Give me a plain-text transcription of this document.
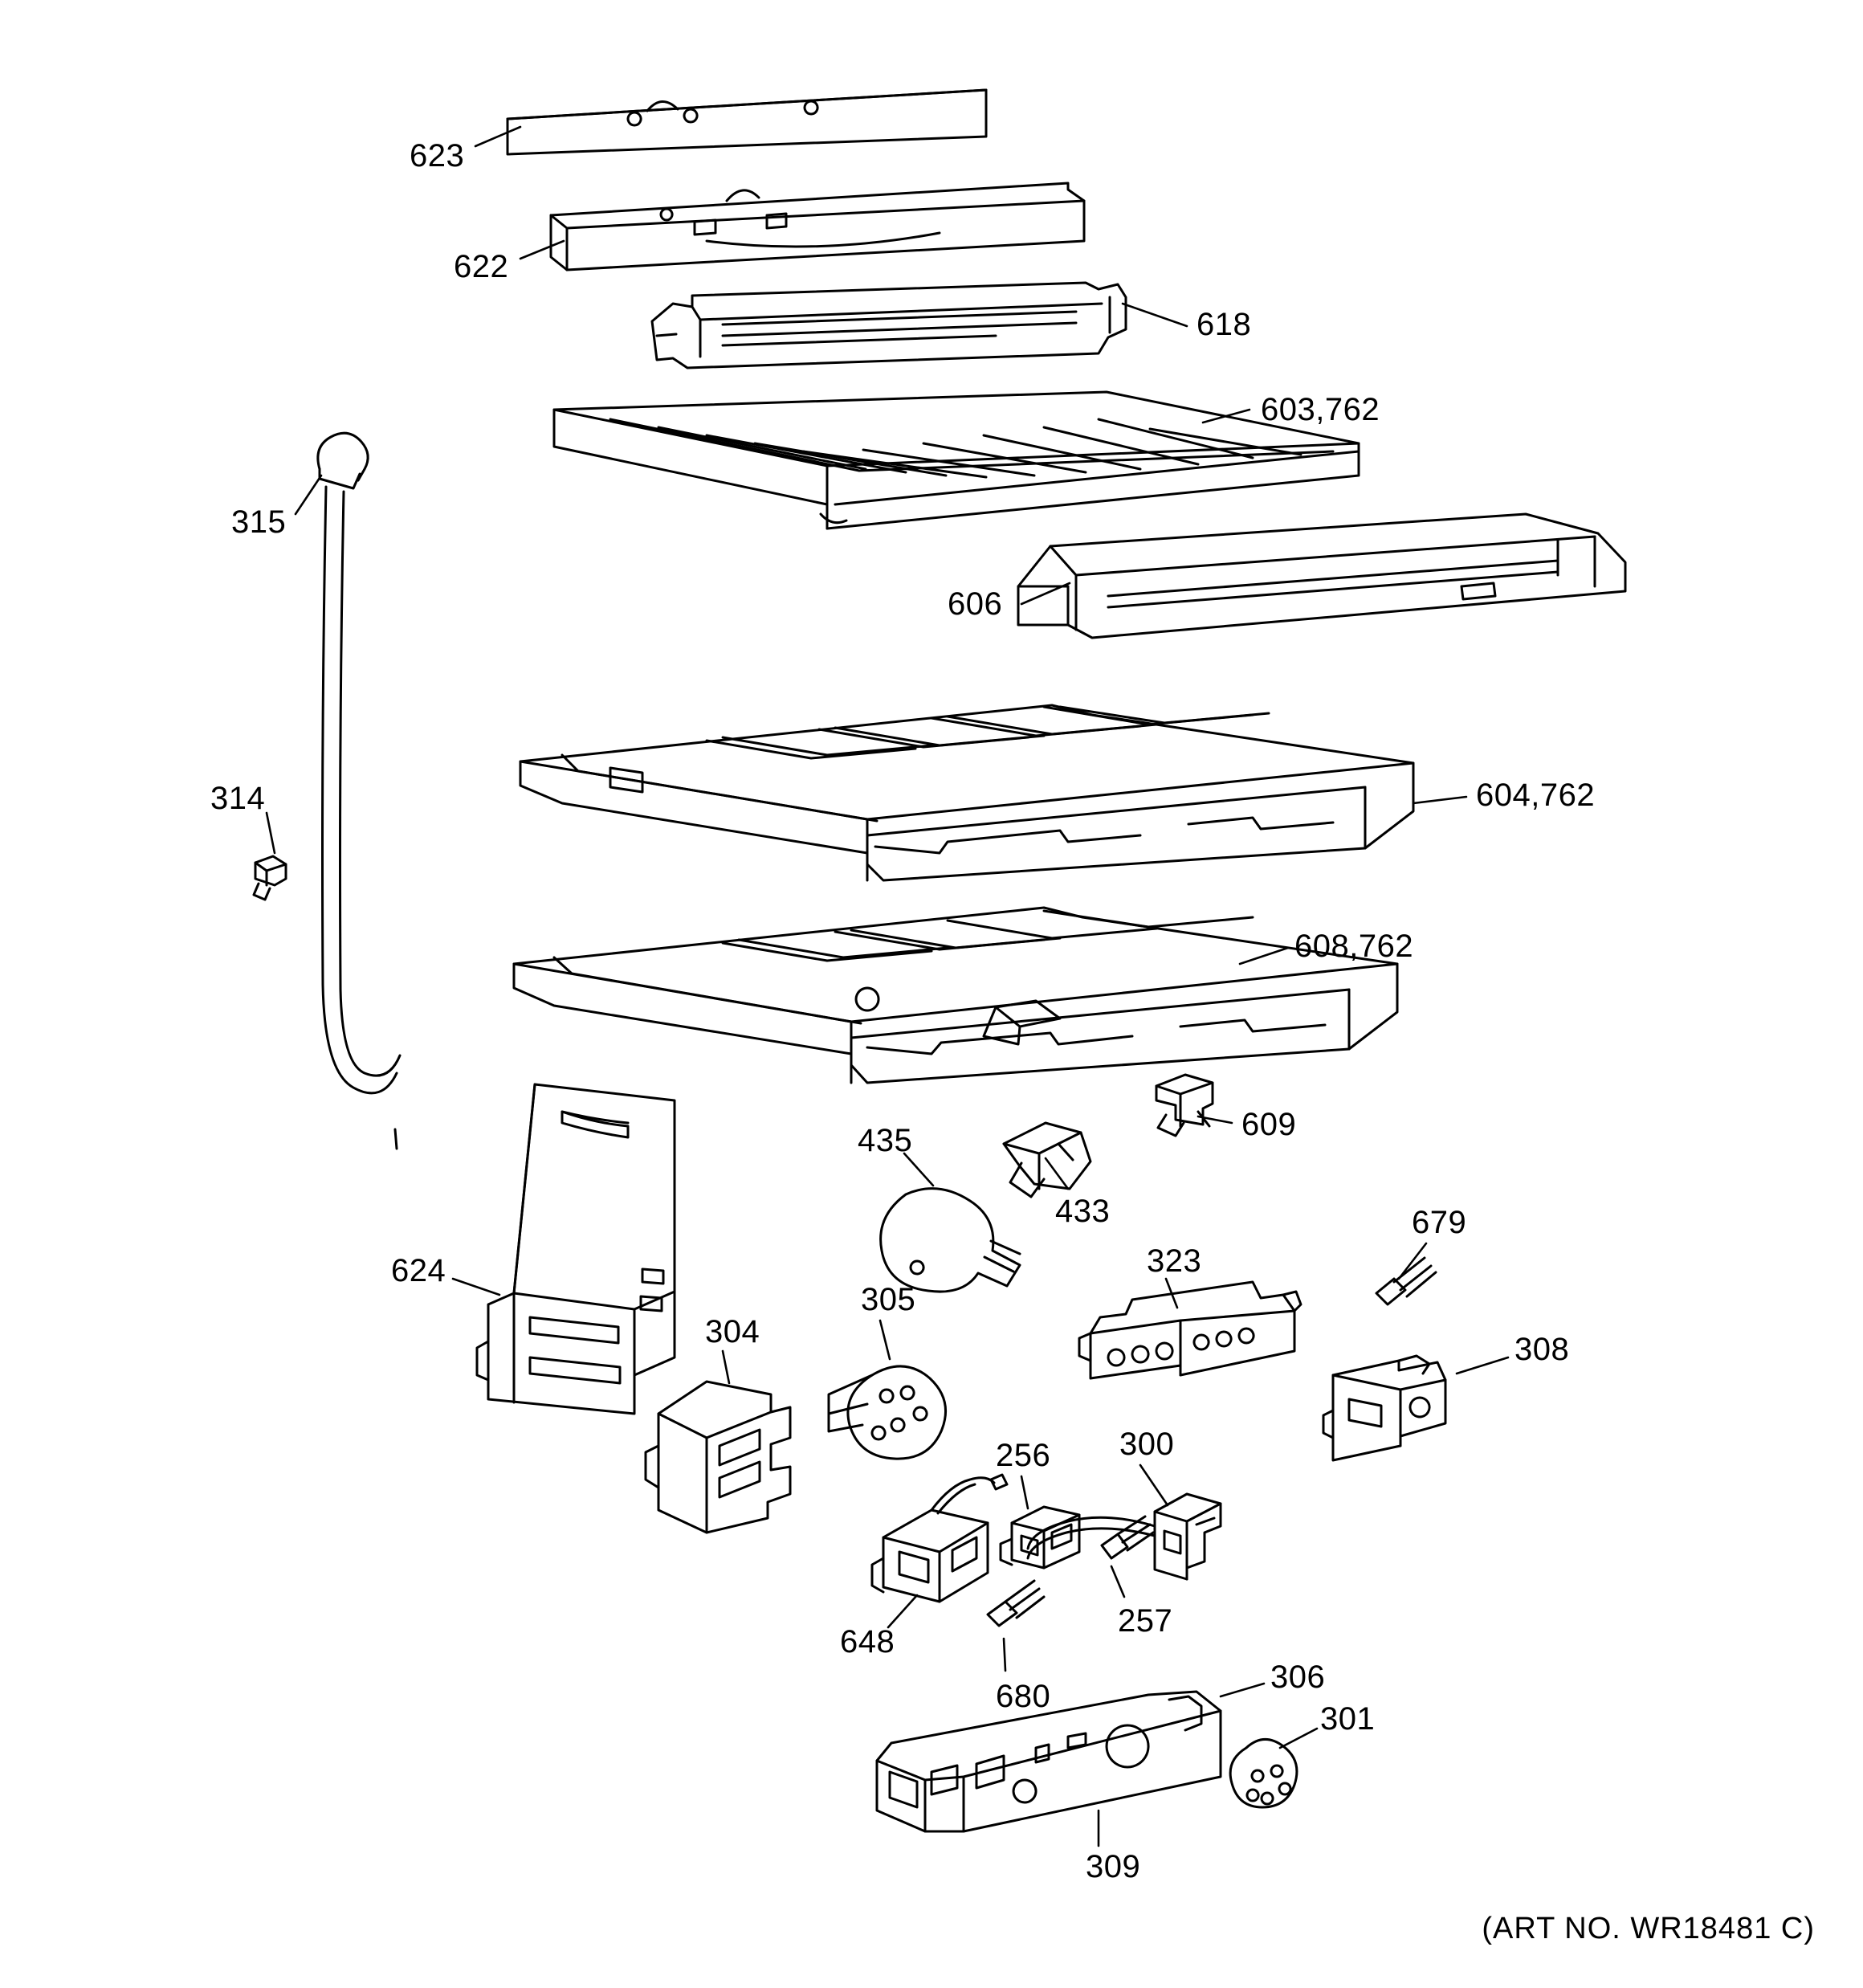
623
622
618
603,762
606
315
314	604,762
608,762
609
435
433	679
624	323
308
304
305
256 300
257
648
680
306
301
309
(ART NO. WR18481 C)
